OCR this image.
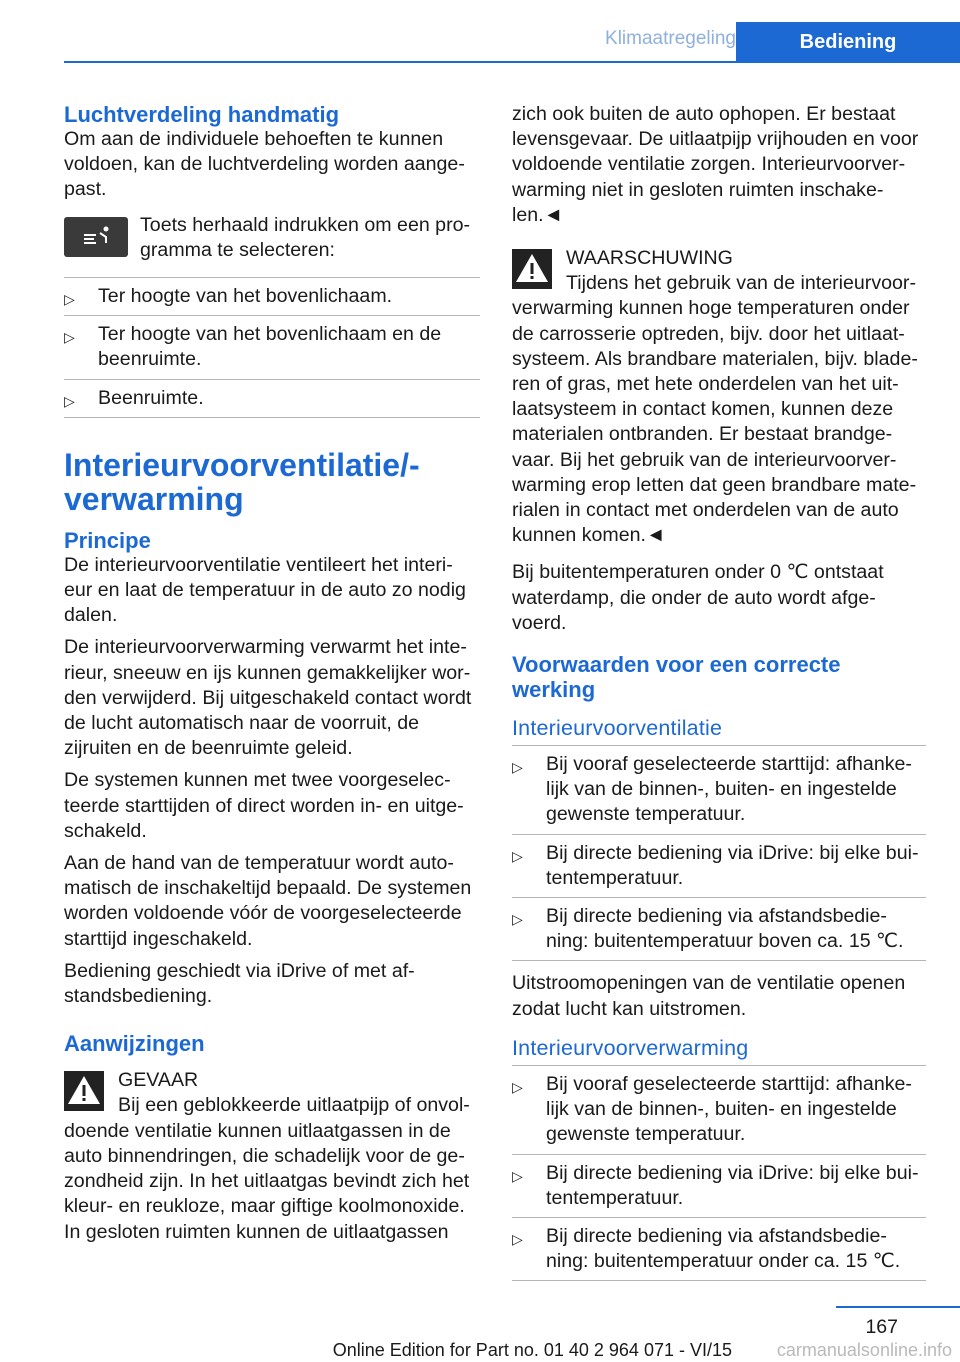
Klimaatregeling	Bediening
Luchtverdeling handmatig

Om aan de individuele behoeften te kunnen voldoen, kan de luchtverdeling worden aange‐past.

Toets herhaald indrukken om een pro‐gramma te selecteren:
▷ Ter hoogte van het bovenlichaam.
▷ Ter hoogte van het bovenlichaam en de beenruimte.
▷ Beenruimte.
Interieurvoorventilatie/-verwarming
Principe

De interieurvoorventilatie ventileert het interi‐eur en laat de temperatuur in de auto zo nodig dalen.

De interieurvoorverwarming verwarmt het inte‐rieur, sneeuw en ijs kunnen gemakkelijker wor‐den verwijderd. Bij uitgeschakeld contact wordt de lucht automatisch naar de voorruit, de zijruiten en de beenruimte geleid.

De systemen kunnen met twee voorgeselec‐teerde starttijden of direct worden in- en uitge‐schakeld.

Aan de hand van de temperatuur wordt auto‐matisch de inschakeltijd bepaald. De systemen worden voldoende vóór de voorgeselecteerde starttijd ingeschakeld.

Bediening geschiedt via iDrive of met af‐standsbediening.

Aanwijzingen

GEVAAR

Bij een geblokkeerde uitlaatpijp of onvol‐doende ventilatie kunnen uitlaatgassen in de auto binnendringen, die schadelijk voor de ge‐zondheid zijn. In het uitlaatgas bevindt zich het kleur- en reukloze, maar giftige koolmonoxide. In gesloten ruimten kunnen de uitlaatgassen

zich ook buiten de auto ophopen. Er bestaat levensgevaar. De uitlaatpijp vrijhouden en voor voldoende ventilatie zorgen. Interieurvoorver‐warming niet in gesloten ruimten inschake‐len.◄

WAARSCHUWING

Tijdens het gebruik van de interieurvoor‐verwarming kunnen hoge temperaturen onder de carrosserie optreden, bijv. door het uitlaat‐systeem. Als brandbare materialen, bijv. blade‐ren of gras, met hete onderdelen van het uit‐laatsysteem in contact komen, kunnen deze materialen ontbranden. Er bestaat brandge‐vaar. Bij het gebruik van de interieurvoorver‐warming erop letten dat geen brandbare mate‐rialen in contact met onderdelen van de auto kunnen komen.◄

Bij buitentemperaturen onder 0 ℃ ontstaat waterdamp, die onder de auto wordt afge‐voerd.

Voorwaarden voor een correcte werking
Interieurvoorventilatie
▷ Bij vooraf geselecteerde starttijd: afhanke‐lijk van de binnen-, buiten- en ingestelde gewenste temperatuur.
▷ Bij directe bediening via iDrive: bij elke bui‐tentemperatuur.
▷ Bij directe bediening via afstandsbedie‐ning: buitentemperatuur boven ca. 15 ℃.

Uitstroomopeningen van de ventilatie openen zodat lucht kan uitstromen.

Interieurvoorverwarming
▷ Bij vooraf geselecteerde starttijd: afhanke‐lijk van de binnen-, buiten- en ingestelde gewenste temperatuur.
▷ Bij directe bediening via iDrive: bij elke bui‐tentemperatuur.
▷ Bij directe bediening via afstandsbedie‐ning: buitentemperatuur onder ca. 15 ℃.
167
Online Edition for Part no. 01 40 2 964 071 - VI/15 carmanualsonline.info
